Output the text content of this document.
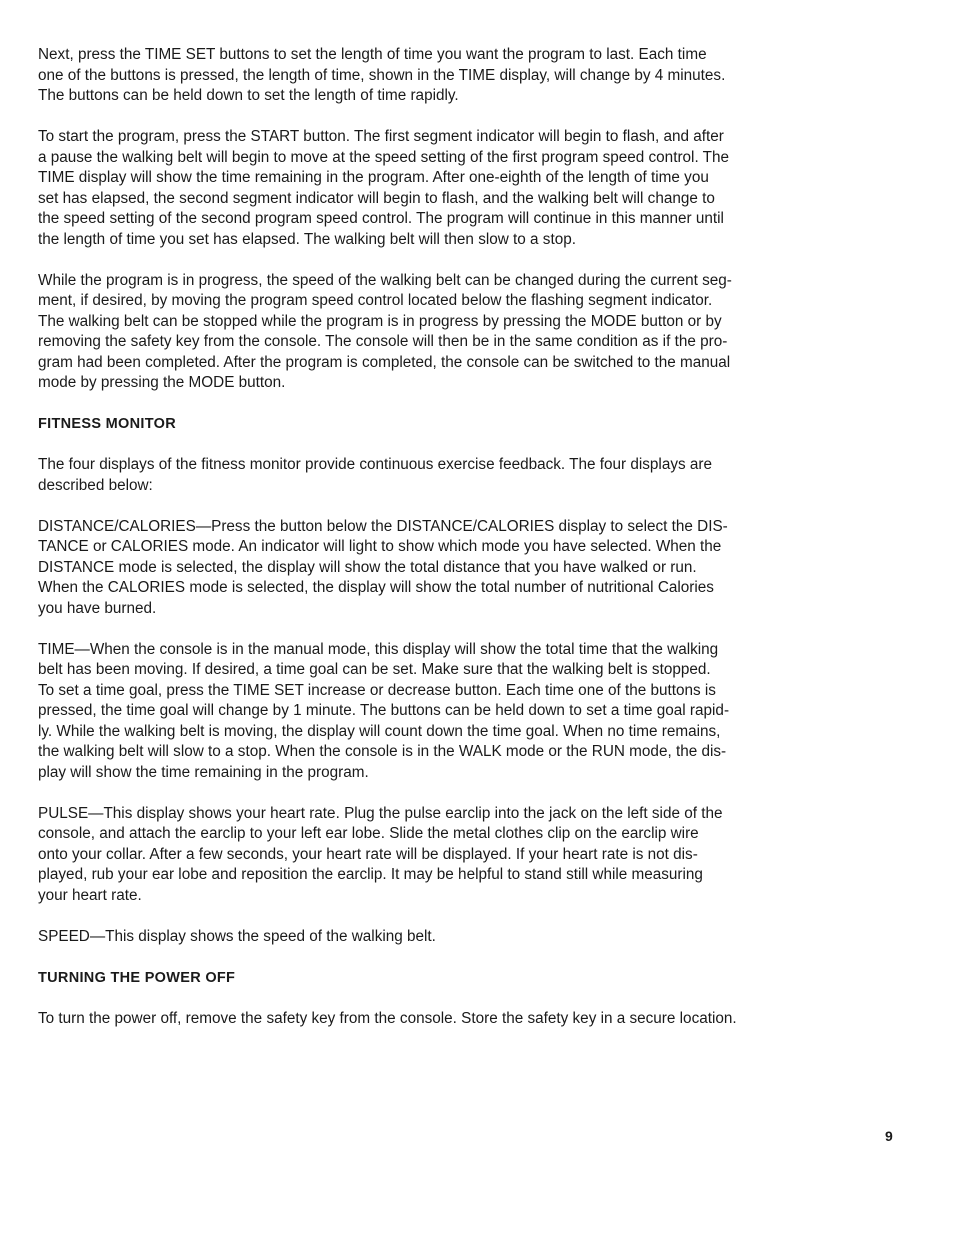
Next, press the TIME SET buttons to set the length of time you want the program to last. Each time
one of the buttons is pressed, the length of time, shown in the TIME display, will change by 4 minutes.
The buttons can be held down to set the length of time rapidly.

To start the program, press the START button. The first segment indicator will begin to flash, and after
a pause the walking belt will begin to move at the speed setting of the first program speed control. The
TIME display will show the time remaining in the program. After one-eighth of the length of time you
set has elapsed, the second segment indicator will begin to flash, and the walking belt will change to
the speed setting of the second program speed control. The program will continue in this manner until
the length of time you set has elapsed. The walking belt will then slow to a stop.

While the program is in progress, the speed of the walking belt can be changed during the current seg-
ment, if desired, by moving the program speed control located below the flashing segment indicator.
The walking belt can be stopped while the program is in progress by pressing the MODE button or by
removing the safety key from the console. The console will then be in the same condition as if the pro-
gram had been completed. After the program is completed, the console can be switched to the manual
mode by pressing the MODE button.

FITNESS MONITOR

The four displays of the fitness monitor provide continuous exercise feedback. The four displays are
described below:

DISTANCE/CALORIES—Press the button below the DISTANCE/CALORIES display to select the DIS-
TANCE or CALORIES mode. An indicator will light to show which mode you have selected. When the
DISTANCE mode is selected, the display will show the total distance that you have walked or run.
When the CALORIES mode is selected, the display will show the total number of nutritional Calories
you have burned.

TIME—When the console is in the manual mode, this display will show the total time that the walking
belt has been moving. If desired, a time goal can be set. Make sure that the walking belt is stopped.
To set a time goal, press the TIME SET increase or decrease button. Each time one of the buttons is
pressed, the time goal will change by 1 minute. The buttons can be held down to set a time goal rapid-
ly. While the walking belt is moving, the display will count down the time goal. When no time remains,
the walking belt will slow to a stop. When the console is in the WALK mode or the RUN mode, the dis-
play will show the time remaining in the program.

PULSE—This display shows your heart rate. Plug the pulse earclip into the jack on the left side of the
console, and attach the earclip to your left ear lobe. Slide the metal clothes clip on the earclip wire
onto your collar. After a few seconds, your heart rate will be displayed. If your heart rate is not dis-
played, rub your ear lobe and reposition the earclip. It may be helpful to stand still while measuring
your heart rate.

SPEED—This display shows the speed of the walking belt.

TURNING THE POWER OFF

To turn the power off, remove the safety key from the console. Store the safety key in a secure location.

9
